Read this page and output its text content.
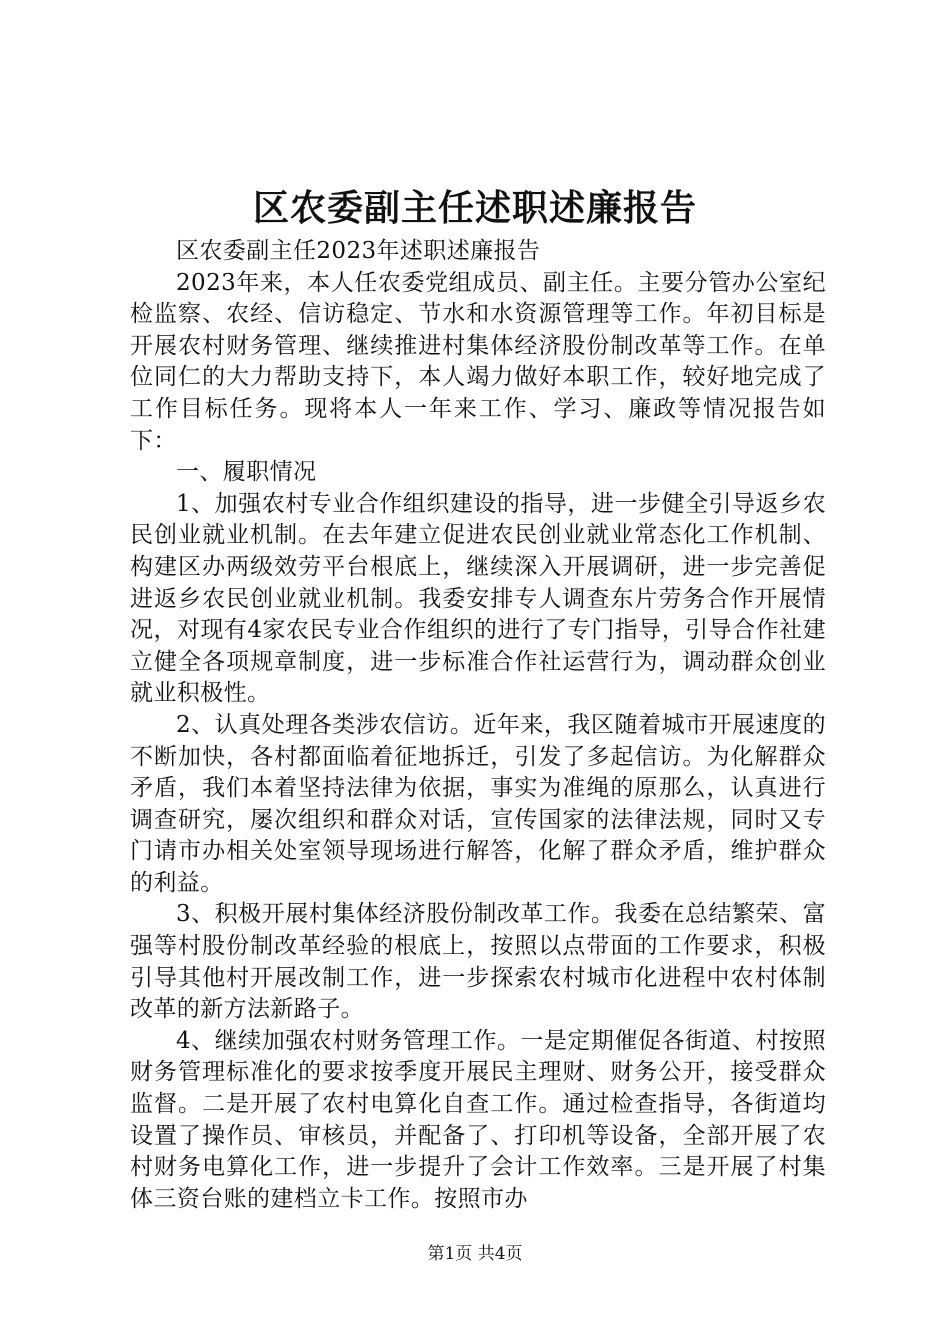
区农委副主任述职述廉报告

区农委副主任2023年述职述廉报告

2023年来，本人任农委党组成员、副主任。主要分管办公室纪检监察、农经、信访稳定、节水和水资源管理等工作。年初目标是开展农村财务管理、继续推进村集体经济股份制改革等工作。在单位同仁的大力帮助支持下，本人竭力做好本职工作，较好地完成了工作目标任务。现将本人一年来工作、学习、廉政等情况报告如下：

一、履职情况

1、加强农村专业合作组织建设的指导，进一步健全引导返乡农民创业就业机制。在去年建立促进农民创业就业常态化工作机制、构建区办两级效劳平台根底上，继续深入开展调研，进一步完善促进返乡农民创业就业机制。我委安排专人调查东片劳务合作开展情况，对现有4家农民专业合作组织的进行了专门指导，引导合作社建立健全各项规章制度，进一步标准合作社运营行为，调动群众创业就业积极性。

2、认真处理各类涉农信访。近年来，我区随着城市开展速度的不断加快，各村都面临着征地拆迁，引发了多起信访。为化解群众矛盾，我们本着坚持法律为依据，事实为准绳的原那么，认真进行调查研究，屡次组织和群众对话，宣传国家的法律法规，同时又专门请市办相关处室领导现场进行解答，化解了群众矛盾，维护群众的利益。

3、积极开展村集体经济股份制改革工作。我委在总结繁荣、富强等村股份制改革经验的根底上，按照以点带面的工作要求，积极引导其他村开展改制工作，进一步探索农村城市化进程中农村体制改革的新方法新路子。

4、继续加强农村财务管理工作。一是定期催促各街道、村按照财务管理标准化的要求按季度开展民主理财、财务公开，接受群众监督。二是开展了农村电算化自查工作。通过检查指导，各街道均设置了操作员、审核员，并配备了、打印机等设备，全部开展了农村财务电算化工作，进一步提升了会计工作效率。三是开展了村集体三资台账的建档立卡工作。按照市办

第1页 共4页
